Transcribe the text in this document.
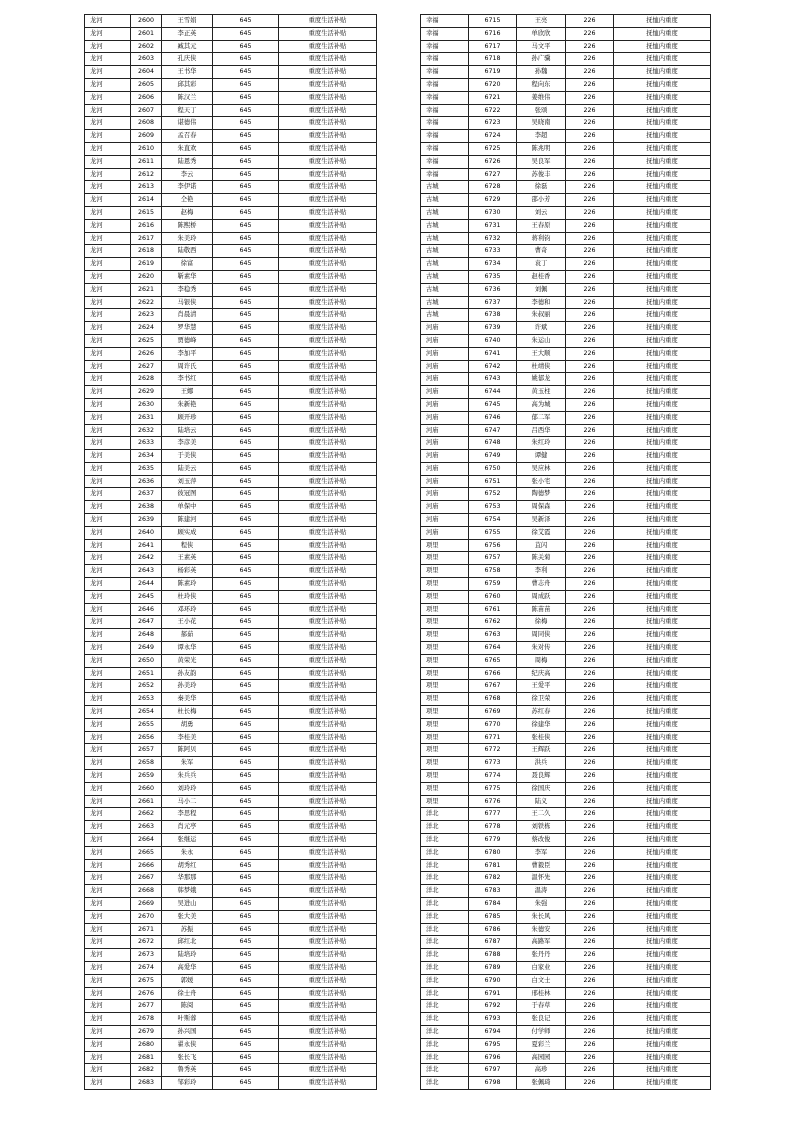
龙河	2600	王雪娟	645	重度生活补贴
龙河	2601	李正英	645	重度生活补贴
龙河	2602	臧其元	645	重度生活补贴
龙河	2603	孔庆侠	645	重度生活补贴
龙河	2604	王书华	645	重度生活补贴
龙河	2605	邱其彩	645	重度生活补贴
龙河	2606	陈汉兰	645	重度生活补贴
龙河	2607	程天丁	645	重度生活补贴
龙河	2608	谌德伟	645	重度生活补贴
龙河	2609	孟召春	645	重度生活补贴
龙河	2610	朱直欢	645	重度生活补贴
龙河	2611	陆恩秀	645	重度生活补贴
龙河	2612	李云	645	重度生活补贴
龙河	2613	李伊诺	645	重度生活补贴
龙河	2614	仝艳	645	重度生活补贴
龙河	2615	赵梅	645	重度生活补贴
龙河	2616	陈熙桥	645	重度生活补贴
龙河	2617	朱美玲	645	重度生活补贴
龙河	2618	陆敬西	645	重度生活补贴
龙河	2619	徐富	645	重度生活补贴
龙河	2620	靳素华	645	重度生活补贴
龙河	2621	李稳秀	645	重度生活补贴
龙河	2622	马银侠	645	重度生活补贴
龙河	2623	肖晨清	645	重度生活补贴
龙河	2624	罗华慧	645	重度生活补贴
龙河	2625	贾德峰	645	重度生活补贴
龙河	2626	李加平	645	重度生活补贴
龙河	2627	周许氏	645	重度生活补贴
龙河	2628	李书红	645	重度生活补贴
龙河	2629	王娜	645	重度生活补贴
龙河	2630	朱新艳	645	重度生活补贴
龙河	2631	顾开珍	645	重度生活补贴
龙河	2632	陆培云	645	重度生活补贴
龙河	2633	李彦美	645	重度生活补贴
龙河	2634	于美侠	645	重度生活补贴
龙河	2635	陆美云	645	重度生活补贴
龙河	2636	刘玉萍	645	重度生活补贴
龙河	2637	彼冠图	645	重度生活补贴
龙河	2638	单保中	645	重度生活补贴
龙河	2639	陈建河	645	重度生活补贴
龙河	2640	顾实成	645	重度生活补贴
龙河	2641	程侠	645	重度生活补贴
龙河	2642	王素英	645	重度生活补贴
龙河	2643	杨彩英	645	重度生活补贴
龙河	2644	陈素玲	645	重度生活补贴
龙河	2645	杜玲侠	645	重度生活补贴
龙河	2646	邓环玲	645	重度生活补贴
龙河	2647	王小花	645	重度生活补贴
龙河	2648	郝茹	645	重度生活补贴
龙河	2649	谭永华	645	重度生活补贴
龙河	2650	黄荣光	645	重度生活补贴
龙河	2651	孙友韵	645	重度生活补贴
龙河	2652	孙美玲	645	重度生活补贴
龙河	2653	秦美华	645	重度生活补贴
龙河	2654	杜长梅	645	重度生活补贴
龙河	2655	胡勇	645	重度生活补贴
龙河	2656	李桂美	645	重度生活补贴
龙河	2657	陈阿贝	645	重度生活补贴
龙河	2658	朱军	645	重度生活补贴
龙河	2659	朱兵兵	645	重度生活补贴
龙河	2660	刘玲玲	645	重度生活补贴
龙河	2661	马小二	645	重度生活补贴
龙河	2662	李思程	645	重度生活补贴
龙河	2663	肖元亭	645	重度生活补贴
龙河	2664	张继运	645	重度生活补贴
龙河	2665	朱永	645	重度生活补贴
龙河	2666	胡秀红	645	重度生活补贴
龙河	2667	华那那	645	重度生活补贴
龙河	2668	韩梦娥	645	重度生活补贴
龙河	2669	吴进山	645	重度生活补贴
龙河	2670	张大美	645	重度生活补贴
龙河	2671	苏振	645	重度生活补贴
龙河	2672	邱红北	645	重度生活补贴
龙河	2673	陆培玲	645	重度生活补贴
龙河	2674	高爱华	645	重度生活补贴
龙河	2675	郭媛	645	重度生活补贴
龙河	2676	徐士舟	645	重度生活补贴
龙河	2677	陈阅	645	重度生活补贴
龙河	2678	叶斯蓉	645	重度生活补贴
龙河	2679	孙兴国	645	重度生活补贴
龙河	2680	翟永侠	645	重度生活补贴
龙河	2681	张长飞	645	重度生活补贴
龙河	2682	鲁秀英	645	重度生活补贴
龙河	2683	邹彩玲	645	重度生活补贴
幸福	6715	王亮	226	抚恤内重度
幸福	6716	单欣欣	226	抚恤内重度
幸福	6717	马文平	226	抚恤内重度
幸福	6718	孙广骥	226	抚恤内重度
幸福	6719	孙魏	226	抚恤内重度
幸福	6720	程向东	226	抚恤内重度
幸福	6721	姜维伟	226	抚恤内重度
幸福	6722	张颂	226	抚恤内重度
幸福	6723	吴晓南	226	抚恤内重度
幸福	6724	李超	226	抚恤内重度
幸福	6725	陈兆明	226	抚恤内重度
幸福	6726	吴良军	226	抚恤内重度
幸福	6727	苏俊丰	226	抚恤内重度
古城	6728	徐磊	226	抚恤内重度
古城	6729	邵小芳	226	抚恤内重度
古城	6730	刘云	226	抚恤内重度
古城	6731	王春原	226	抚恤内重度
古城	6732	蒋利钧	226	抚恤内重度
古城	6733	曹奇	226	抚恤内重度
古城	6734	袁丁	226	抚恤内重度
古城	6735	赵桂香	226	抚恤内重度
古城	6736	刘佩	226	抚恤内重度
古城	6737	李德和	226	抚恤内重度
古城	6738	朱叔丽	226	抚恤内重度
河庙	6739	许斌	226	抚恤内重度
河庙	6740	朱运山	226	抚恤内重度
河庙	6741	王大顺	226	抚恤内重度
河庙	6742	杜靖侠	226	抚恤内重度
河庙	6743	姚郁龙	226	抚恤内重度
河庙	6744	黄玉柱	226	抚恤内重度
河庙	6745	高为城	226	抚恤内重度
河庙	6746	郁二军	226	抚恤内重度
河庙	6747	吕西华	226	抚恤内重度
河庙	6748	朱红玲	226	抚恤内重度
河庙	6749	谭健	226	抚恤内重度
河庙	6750	吴应林	226	抚恤内重度
河庙	6751	张小宅	226	抚恤内重度
河庙	6752	陶德梦	226	抚恤内重度
河庙	6753	周保森	226	抚恤内重度
河庙	6754	吴新泽	226	抚恤内重度
河庙	6755	徐艾霞	226	抚恤内重度
项里	6756	苴闪	226	抚恤内重度
项里	6757	陈关菊	226	抚恤内重度
项里	6758	李利	226	抚恤内重度
项里	6759	曹志舟	226	抚恤内重度
项里	6760	周成跃	226	抚恤内重度
项里	6761	陈苗苗	226	抚恤内重度
项里	6762	徐梅	226	抚恤内重度
项里	6763	周同侠	226	抚恤内重度
项里	6764	朱对传	226	抚恤内重度
项里	6765	周梅	226	抚恤内重度
项里	6766	纪庆高	226	抚恤内重度
项里	6767	王爱平	226	抚恤内重度
项里	6768	徐卫荣	226	抚恤内重度
项里	6769	苏红春	226	抚恤内重度
项里	6770	徐建华	226	抚恤内重度
项里	6771	张桂侠	226	抚恤内重度
项里	6772	王辉跃	226	抚恤内重度
项里	6773	洪兵	226	抚恤内重度
项里	6774	聂良辉	226	抚恤内重度
项里	6775	徐国庆	226	抚恤内重度
项里	6776	陆义	226	抚恤内重度
洋北	6777	王二久	226	抚恤内重度
洋北	6778	刘铁栋	226	抚恤内重度
洋北	6779	蔡改俊	226	抚恤内重度
洋北	6780	李军	226	抚恤内重度
洋北	6781	曹毅臣	226	抚恤内重度
洋北	6782	温怀先	226	抚恤内重度
洋北	6783	温涛	226	抚恤内重度
洋北	6784	朱强	226	抚恤内重度
洋北	6785	朱长风	226	抚恤内重度
洋北	6786	朱德安	226	抚恤内重度
洋北	6787	高路军	226	抚恤内重度
洋北	6788	张丹丹	226	抚恤内重度
洋北	6789	白家业	226	抚恤内重度
洋北	6790	白文士	226	抚恤内重度
洋北	6791	邢桂林	226	抚恤内重度
洋北	6792	于春草	226	抚恤内重度
洋北	6793	张良记	226	抚恤内重度
洋北	6794	付学师	226	抚恤内重度
洋北	6795	夏彩兰	226	抚恤内重度
洋北	6796	高园园	226	抚恤内重度
洋北	6797	高珍	226	抚恤内重度
洋北	6798	张佩琦	226	抚恤内重度
